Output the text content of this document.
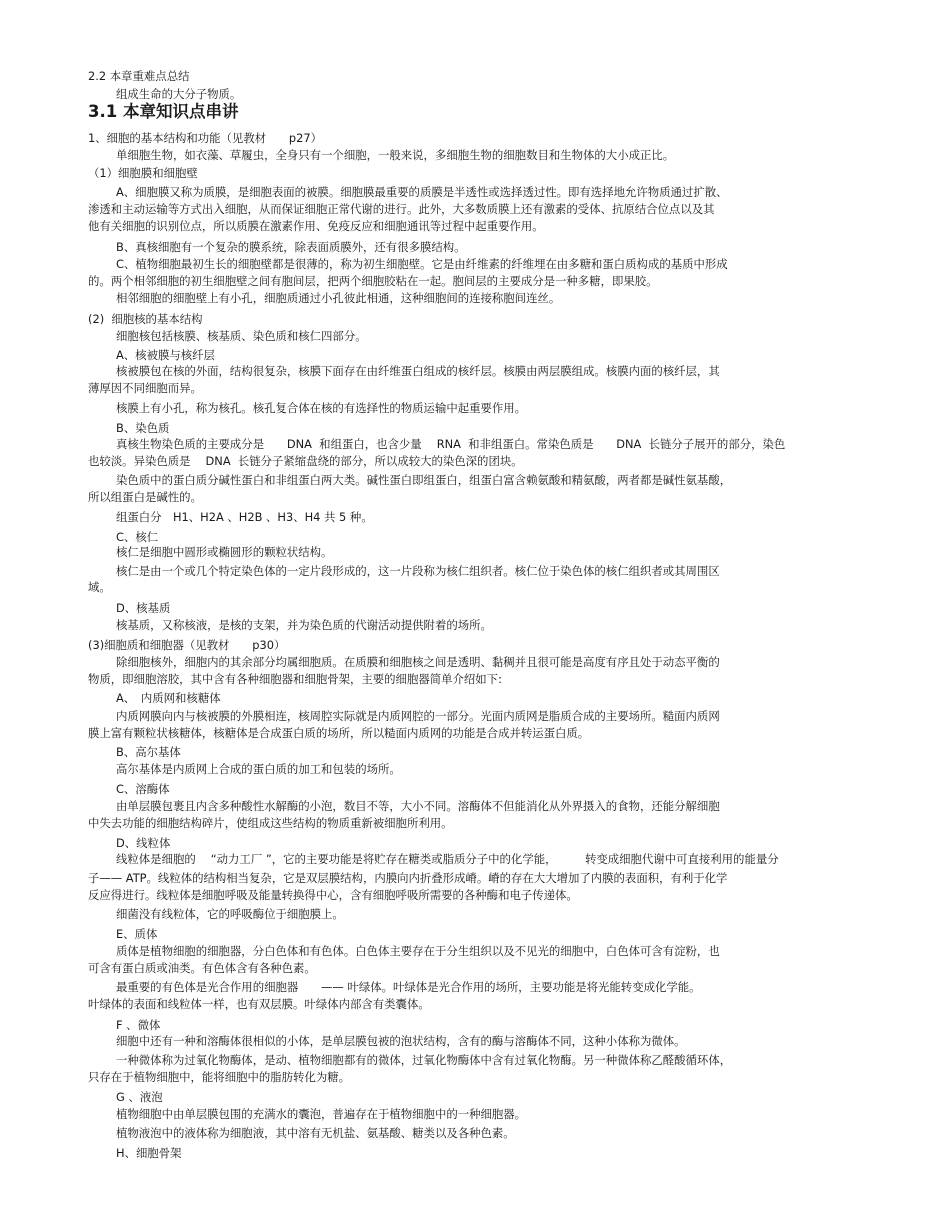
2.2 本章重难点总结
组成生命的大分子物质。
3.1 本章知识点串讲
1、细胞的基本结构和功能（见教材　　p27）
单细胞生物，如衣藻、草履虫，全身只有一个细胞，一般来说，多细胞生物的细胞数目和生物体的大小成正比。
（1）细胞膜和细胞壁
A、细胞膜又称为质膜，是细胞表面的被膜。细胞膜最重要的质膜是半透性或选择透过性。即有选择地允许物质通过扩散、
渗透和主动运输等方式出入细胞，从而保证细胞正常代谢的进行。此外，大多数质膜上还有激素的受体、抗原结合位点以及其
他有关细胞的识别位点，所以质膜在激素作用、免疫反应和细胞通讯等过程中起重要作用。
B、真核细胞有一个复杂的膜系统，除表面质膜外，还有很多膜结构。
C、植物细胞最初生长的细胞壁都是很薄的，称为初生细胞壁。它是由纤维素的纤维埋在由多糖和蛋白质构成的基质中形成
的。两个相邻细胞的初生细胞壁之间有胞间层，把两个细胞胶粘在一起。胞间层的主要成分是一种多糖，即果胶。
相邻细胞的细胞壁上有小孔，细胞质通过小孔彼此相通，这种细胞间的连接称胞间连丝。
(2)  细胞核的基本结构
细胞核包括核膜、核基质、染色质和核仁四部分。
A、核被膜与核纤层
核被膜包在核的外面，结构很复杂，核膜下面存在由纤维蛋白组成的核纤层。核膜由两层膜组成。核膜内面的核纤层，其
薄厚因不同细胞而异。
核膜上有小孔，称为核孔。核孔复合体在核的有选择性的物质运输中起重要作用。
B、染色质
真核生物染色质的主要成分是　　DNA  和组蛋白，也含少量　 RNA  和非组蛋白。常染色质是　　DNA  长链分子展开的部分，染色
也较淡。异染色质是　 DNA  长链分子紧缩盘绕的部分，所以成较大的染色深的团块。
染色质中的蛋白质分碱性蛋白和非组蛋白两大类。碱性蛋白即组蛋白，组蛋白富含赖氨酸和精氨酸，两者都是碱性氨基酸，
所以组蛋白是碱性的。
组蛋白分　H1、H2A 、H2B 、H3、H4 共 5 种。
C、核仁
核仁是细胞中圆形或椭圆形的颗粒状结构。
核仁是由一个或几个特定染色体的一定片段形成的，这一片段称为核仁组织者。核仁位于染色体的核仁组织者或其周围区
域。
D、核基质
核基质，又称核液，是核的支架，并为染色质的代谢活动提供附着的场所。
(3)细胞质和细胞器（见教材　　p30）
除细胞核外，细胞内的其余部分均属细胞质。在质膜和细胞核之间是透明、黏稠并且很可能是高度有序且处于动态平衡的
物质，即细胞溶胶，其中含有各种细胞器和细胞骨架，主要的细胞器简单介绍如下:
A、　内质网和核糖体
内质网膜向内与核被膜的外膜相连，核周腔实际就是内质网腔的一部分。光面内质网是脂质合成的主要场所。糙面内质网
膜上富有颗粒状核糖体，核糖体是合成蛋白质的场所，所以糙面内质网的功能是合成并转运蛋白质。
B、高尔基体
高尔基体是内质网上合成的蛋白质的加工和包装的场所。
C、溶酶体
由单层膜包裹且内含多种酸性水解酶的小泡，数目不等，大小不同。溶酶体不但能消化从外界摄入的食物，还能分解细胞
中失去功能的细胞结构碎片，使组成这些结构的物质重新被细胞所利用。
D、线粒体
线粒体是细胞的　 “动力工厂 ”，它的主要功能是将贮存在糖类或脂质分子中的化学能，　　　转变成细胞代谢中可直接利用的能量分
子—— ATP。线粒体的结构相当复杂，它是双层膜结构，内膜向内折叠形成嵴。嵴的存在大大增加了内膜的表面积，有利于化学
反应得进行。线粒体是细胞呼吸及能量转换得中心，含有细胞呼吸所需要的各种酶和电子传递体。
细菌没有线粒体，它的呼吸酶位于细胞膜上。
E、质体
质体是植物细胞的细胞器，分白色体和有色体。白色体主要存在于分生组织以及不见光的细胞中，白色体可含有淀粉，也
可含有蛋白质或油类。有色体含有各种色素。
最重要的有色体是光合作用的细胞器　　—— 叶绿体。叶绿体是光合作用的场所，主要功能是将光能转变成化学能。
叶绿体的表面和线粒体一样，也有双层膜。叶绿体内部含有类囊体。
F 、微体
细胞中还有一种和溶酶体很相似的小体，是单层膜包被的泡状结构，含有的酶与溶酶体不同，这种小体称为微体。
一种微体称为过氧化物酶体，是动、植物细胞都有的微体，过氧化物酶体中含有过氧化物酶。另一种微体称乙醛酸循环体，
只存在于植物细胞中，能将细胞中的脂肪转化为糖。
G 、液泡
植物细胞中由单层膜包围的充满水的囊泡，普遍存在于植物细胞中的一种细胞器。
植物液泡中的液体称为细胞液，其中溶有无机盐、氨基酸、糖类以及各种色素。
H、细胞骨架
